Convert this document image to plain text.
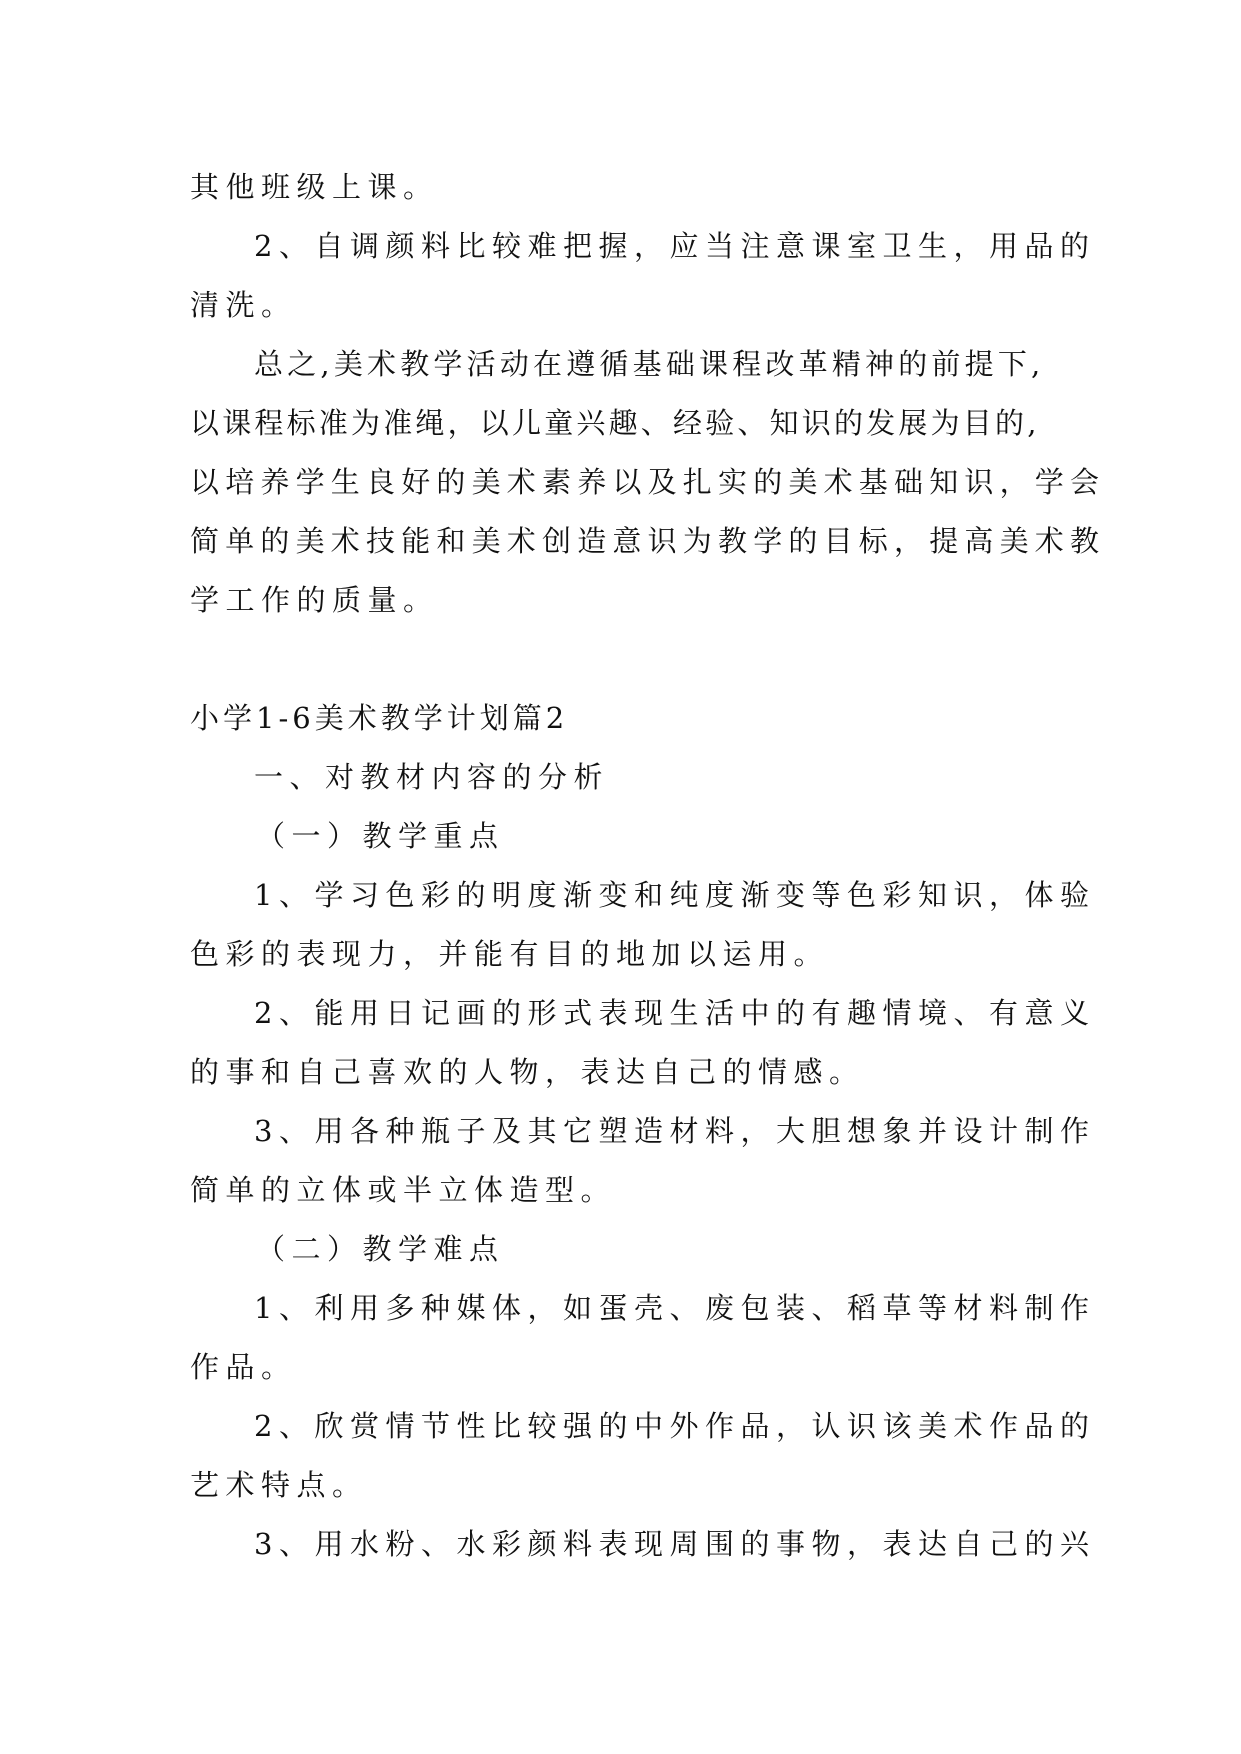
其他班级上课。
2、自调颜料比较难把握，应当注意课室卫生，用品的
清洗。
总之,美术教学活动在遵循基础课程改革精神的前提下,
以课程标准为准绳，以儿童兴趣、经验、知识的发展为目的,
以培养学生良好的美术素养以及扎实的美术基础知识，学会
简单的美术技能和美术创造意识为教学的目标，提高美术教
学工作的质量。
小学1-6美术教学计划篇2
一、对教材内容的分析
（一）教学重点
1、学习色彩的明度渐变和纯度渐变等色彩知识，体验
色彩的表现力，并能有目的地加以运用。
2、能用日记画的形式表现生活中的有趣情境、有意义
的事和自己喜欢的人物，表达自己的情感。
3、用各种瓶子及其它塑造材料，大胆想象并设计制作
简单的立体或半立体造型。
（二）教学难点
1、利用多种媒体，如蛋壳、废包装、稻草等材料制作
作品。
2、欣赏情节性比较强的中外作品，认识该美术作品的
艺术特点。
3、用水粉、水彩颜料表现周围的事物，表达自己的兴
